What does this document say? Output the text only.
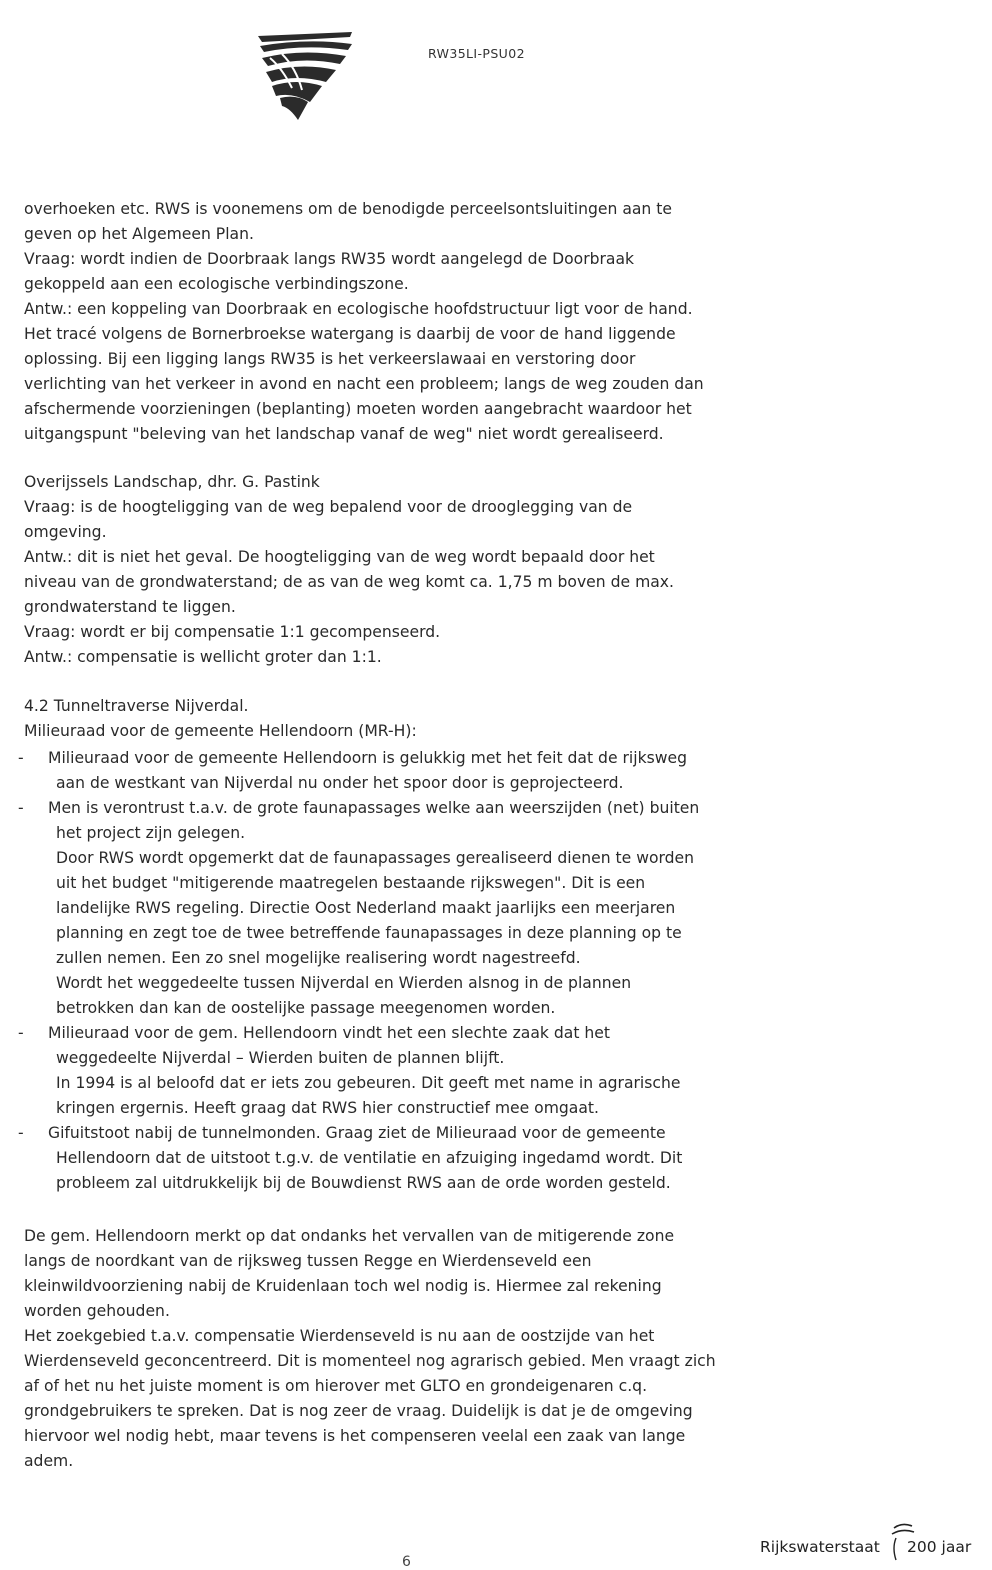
RW35LI-PSU02

overhoeken etc. RWS is voonemens om de benodigde perceelsontsluitingen aan te
geven op het Algemeen Plan.
Vraag: wordt indien de Doorbraak langs RW35 wordt aangelegd de Doorbraak
gekoppeld aan een ecologische verbindingszone.
Antw.: een koppeling van Doorbraak en ecologische hoofdstructuur ligt voor de hand.
Het tracé volgens de Bornerbroekse watergang is daarbij de voor de hand liggende
oplossing. Bij een ligging langs RW35 is het verkeerslawaai en verstoring door
verlichting van het verkeer in avond en nacht een probleem; langs de weg zouden dan
afschermende voorzieningen (beplanting) moeten worden aangebracht waardoor het
uitgangspunt "beleving van het landschap vanaf de weg" niet wordt gerealiseerd.

Overijssels Landschap, dhr. G. Pastink
Vraag: is de hoogteligging van de weg bepalend voor de drooglegging van de
omgeving.
Antw.: dit is niet het geval. De hoogteligging van de weg wordt bepaald door het
niveau van de grondwaterstand; de as van de weg komt ca. 1,75 m boven de max.
grondwaterstand te liggen.
Vraag: wordt er bij compensatie 1:1 gecompenseerd.
Antw.: compensatie is wellicht groter dan 1:1.

4.2 Tunneltraverse Nijverdal.
Milieuraad voor de gemeente Hellendoorn (MR-H):

-	Milieuraad voor de gemeente Hellendoorn is gelukkig met het feit dat de rijksweg
aan de westkant van Nijverdal nu onder het spoor door is geprojecteerd.
-	Men is verontrust t.a.v. de grote faunapassages welke aan weerszijden (net) buiten
het project zijn gelegen.
Door RWS wordt opgemerkt dat de faunapassages gerealiseerd dienen te worden
uit het budget "mitigerende maatregelen bestaande rijkswegen". Dit is een
landelijke RWS regeling. Directie Oost Nederland maakt jaarlijks een meerjaren
planning en zegt toe de twee betreffende faunapassages in deze planning op te
zullen nemen. Een zo snel mogelijke realisering wordt nagestreefd.
Wordt het weggedeelte tussen Nijverdal en Wierden alsnog in de plannen
betrokken dan kan de oostelijke passage meegenomen worden.
-	Milieuraad voor de gem. Hellendoorn vindt het een slechte zaak dat het
weggedeelte Nijverdal – Wierden buiten de plannen blijft.
In 1994 is al beloofd dat er iets zou gebeuren. Dit geeft met name in agrarische
kringen ergernis. Heeft graag dat RWS hier constructief mee omgaat.
-	Gifuitstoot nabij de tunnelmonden. Graag ziet de Milieuraad voor de gemeente
Hellendoorn dat de uitstoot t.g.v. de ventilatie en afzuiging ingedamd wordt. Dit
probleem zal uitdrukkelijk bij de Bouwdienst RWS aan de orde worden gesteld.

De gem. Hellendoorn merkt op dat ondanks het vervallen van de mitigerende zone
langs de noordkant van de rijksweg tussen Regge en Wierdenseveld een
kleinwildvoorziening nabij de Kruidenlaan toch wel nodig is. Hiermee zal rekening
worden gehouden.
Het zoekgebied t.a.v. compensatie Wierdenseveld is nu aan de oostzijde van het
Wierdenseveld geconcentreerd. Dit is momenteel nog agrarisch gebied. Men vraagt zich
af of het nu het juiste moment is om hierover met GLTO en grondeigenaren c.q.
grondgebruikers te spreken. Dat is nog zeer de vraag. Duidelijk is dat je de omgeving
hiervoor wel nodig hebt, maar tevens is het compenseren veelal een zaak van lange
adem.

Rijkswaterstaat 200 jaar
6
